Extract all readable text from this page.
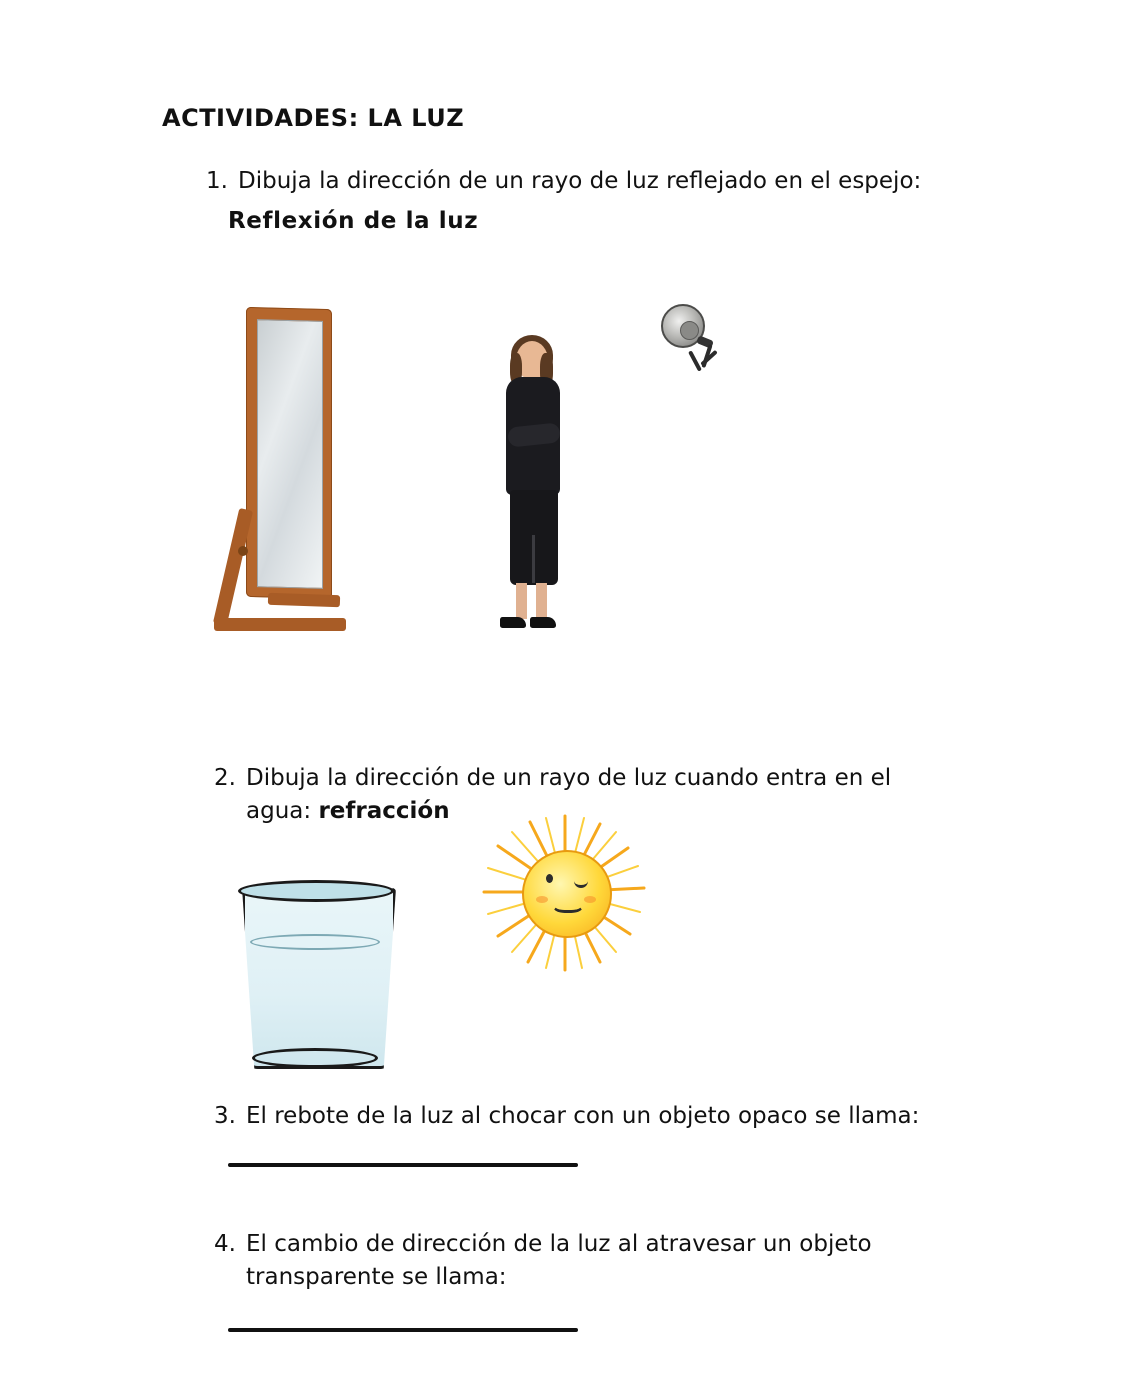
ACTIVIDADES: LA LUZ
1. Dibuja la dirección de un rayo de luz reflejado en el espejo:
Reflexión de la luz
2. Dibuja la dirección de un rayo de luz cuando entra en el agua: refracción
3. El rebote de la luz al chocar con un objeto opaco se llama:
4. El cambio de dirección de la luz al atravesar un objeto transparente se llama:
